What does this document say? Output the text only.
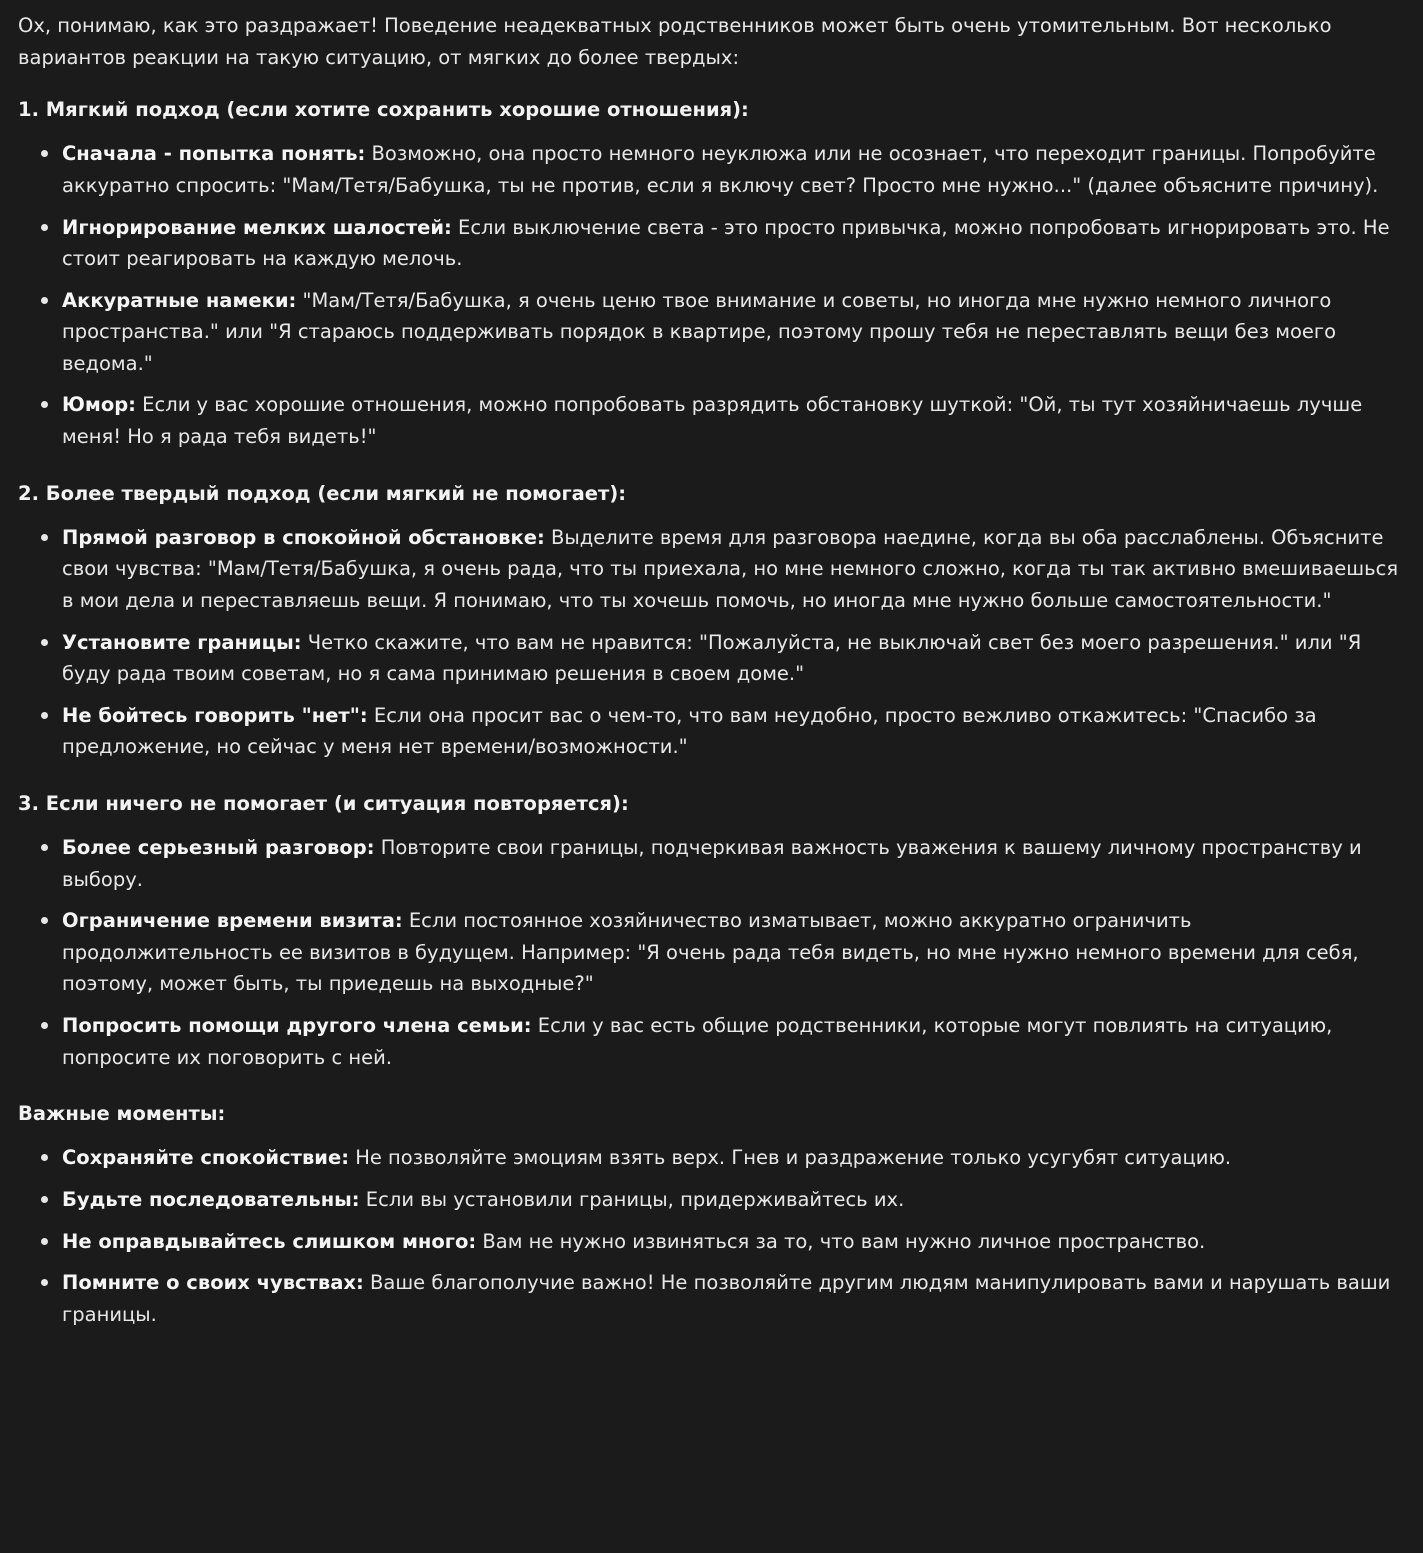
Ох, понимаю, как это раздражает! Поведение неадекватных родственников может быть очень утомительным. Вот несколько вариантов реакции на такую ситуацию, от мягких до более твердых:

1. Мягкий подход (если хотите сохранить хорошие отношения):
Сначала - попытка понять: Возможно, она просто немного неуклюжа или не осознает, что переходит границы. Попробуйте аккуратно спросить: "Мам/Тетя/Бабушка, ты не против, если я включу свет? Просто мне нужно..." (далее объясните причину).
Игнорирование мелких шалостей: Если выключение света - это просто привычка, можно попробовать игнорировать это. Не стоит реагировать на каждую мелочь.
Аккуратные намеки: "Мам/Тетя/Бабушка, я очень ценю твое внимание и советы, но иногда мне нужно немного личного пространства." или "Я стараюсь поддерживать порядок в квартире, поэтому прошу тебя не переставлять вещи без моего ведома."
Юмор: Если у вас хорошие отношения, можно попробовать разрядить обстановку шуткой: "Ой, ты тут хозяйничаешь лучше меня! Но я рада тебя видеть!"
2. Более твердый подход (если мягкий не помогает):
Прямой разговор в спокойной обстановке: Выделите время для разговора наедине, когда вы оба расслаблены. Объясните свои чувства: "Мам/Тетя/Бабушка, я очень рада, что ты приехала, но мне немного сложно, когда ты так активно вмешиваешься в мои дела и переставляешь вещи. Я понимаю, что ты хочешь помочь, но иногда мне нужно больше самостоятельности."
Установите границы: Четко скажите, что вам не нравится: "Пожалуйста, не выключай свет без моего разрешения." или "Я буду рада твоим советам, но я сама принимаю решения в своем доме."
Не бойтесь говорить "нет": Если она просит вас о чем-то, что вам неудобно, просто вежливо откажитесь: "Спасибо за предложение, но сейчас у меня нет времени/возможности."
3. Если ничего не помогает (и ситуация повторяется):
Более серьезный разговор: Повторите свои границы, подчеркивая важность уважения к вашему личному пространству и выбору.
Ограничение времени визита: Если постоянное хозяйничество изматывает, можно аккуратно ограничить продолжительность ее визитов в будущем. Например: "Я очень рада тебя видеть, но мне нужно немного времени для себя, поэтому, может быть, ты приедешь на выходные?"
Попросить помощи другого члена семьи: Если у вас есть общие родственники, которые могут повлиять на ситуацию, попросите их поговорить с ней.
Важные моменты:
Сохраняйте спокойствие: Не позволяйте эмоциям взять верх. Гнев и раздражение только усугубят ситуацию.
Будьте последовательны: Если вы установили границы, придерживайтесь их.
Не оправдывайтесь слишком много: Вам не нужно извиняться за то, что вам нужно личное пространство.
Помните о своих чувствах: Ваше благополучие важно! Не позволяйте другим людям манипулировать вами и нарушать ваши границы.
